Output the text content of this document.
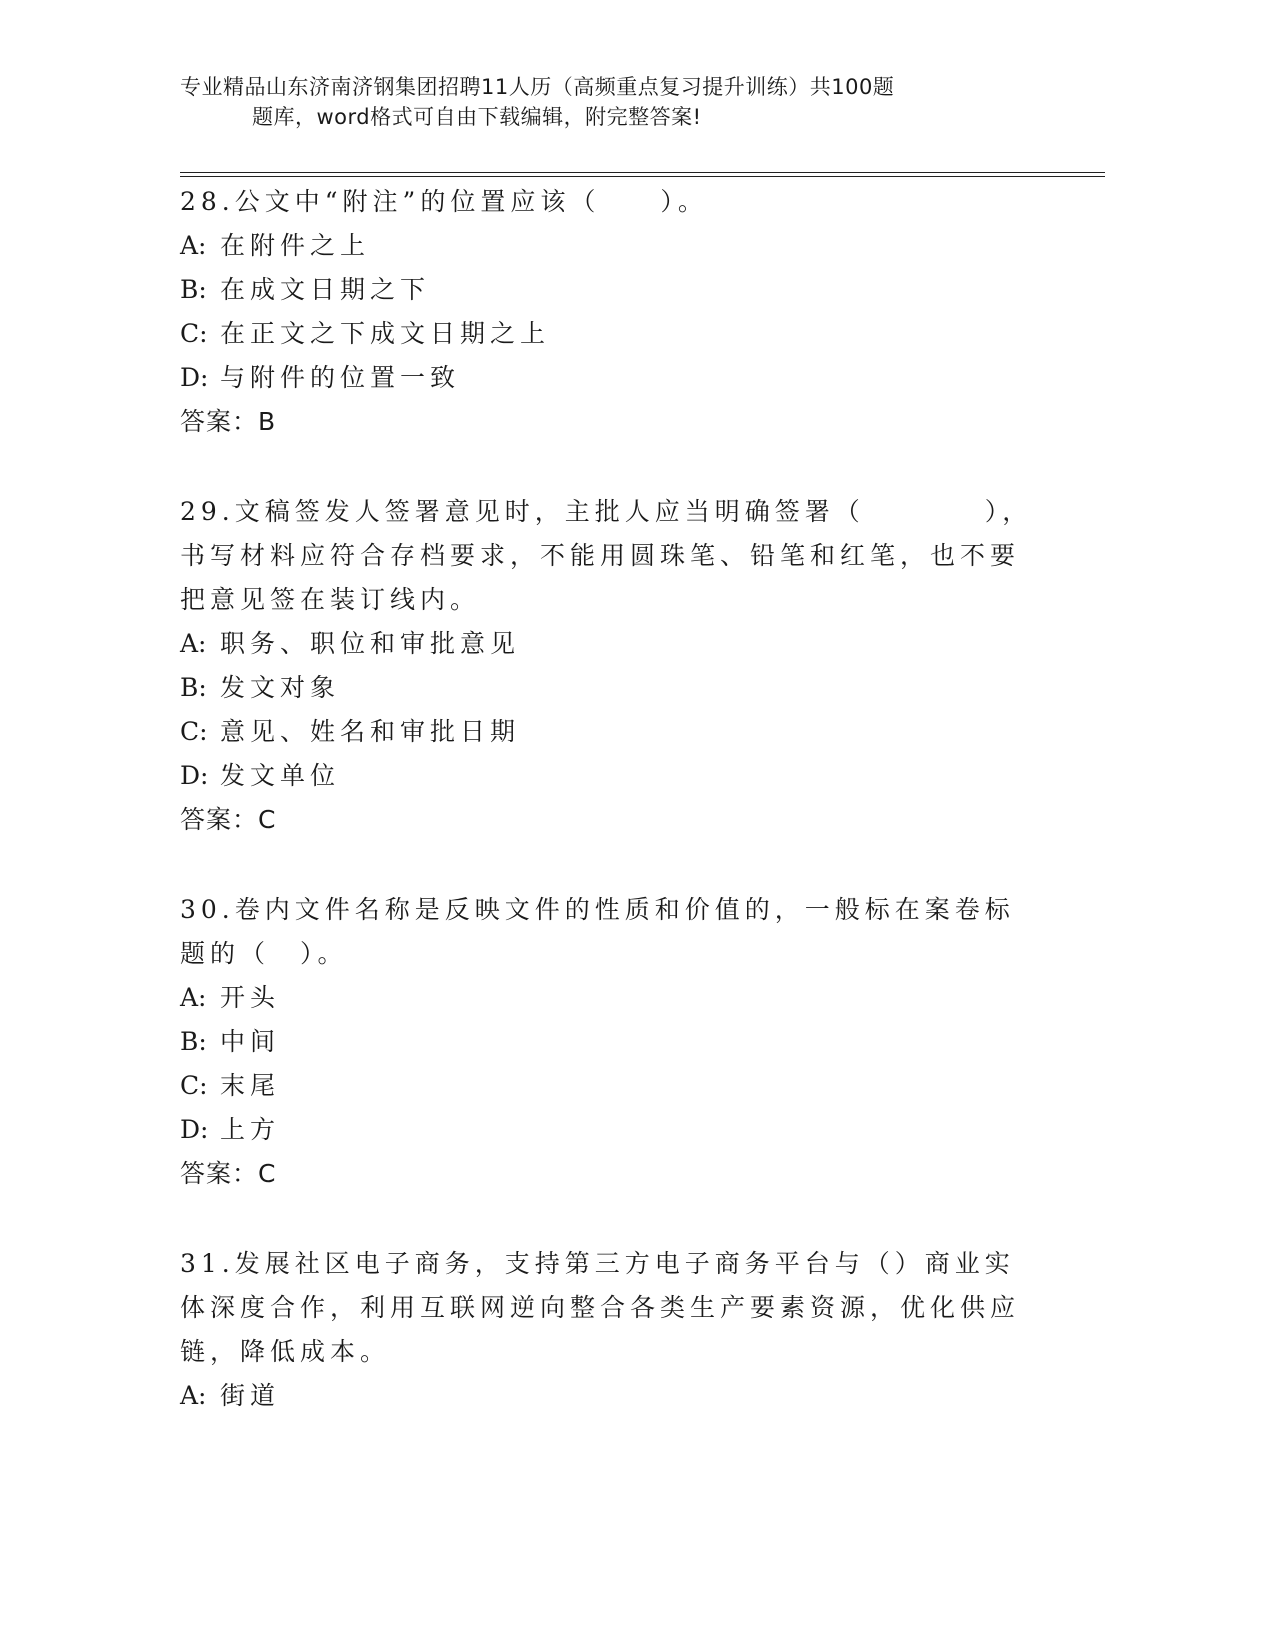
专业精品山东济南济钢集团招聘11人历（高频重点复习提升训练）共100题
题库，word格式可自由下载编辑，附完整答案!
28.公文中“附注”的位置应该（　　）。
A: 在附件之上
B: 在成文日期之下
C: 在正文之下成文日期之上
D: 与附件的位置一致
答案：B
29.文稿签发人签署意见时，主批人应当明确签署（　　　　），书写材料应符合存档要求，不能用圆珠笔、铅笔和红笔，也不要把意见签在装订线内。
A: 职务、职位和审批意见
B: 发文对象
C: 意见、姓名和审批日期
D: 发文单位
答案：C
30.卷内文件名称是反映文件的性质和价值的，一般标在案卷标题的（　）。
A: 开头
B: 中间
C: 末尾
D: 上方
答案：C
31.发展社区电子商务，支持第三方电子商务平台与（）商业实体深度合作，利用互联网逆向整合各类生产要素资源，优化供应链，降低成本。
A: 街道
